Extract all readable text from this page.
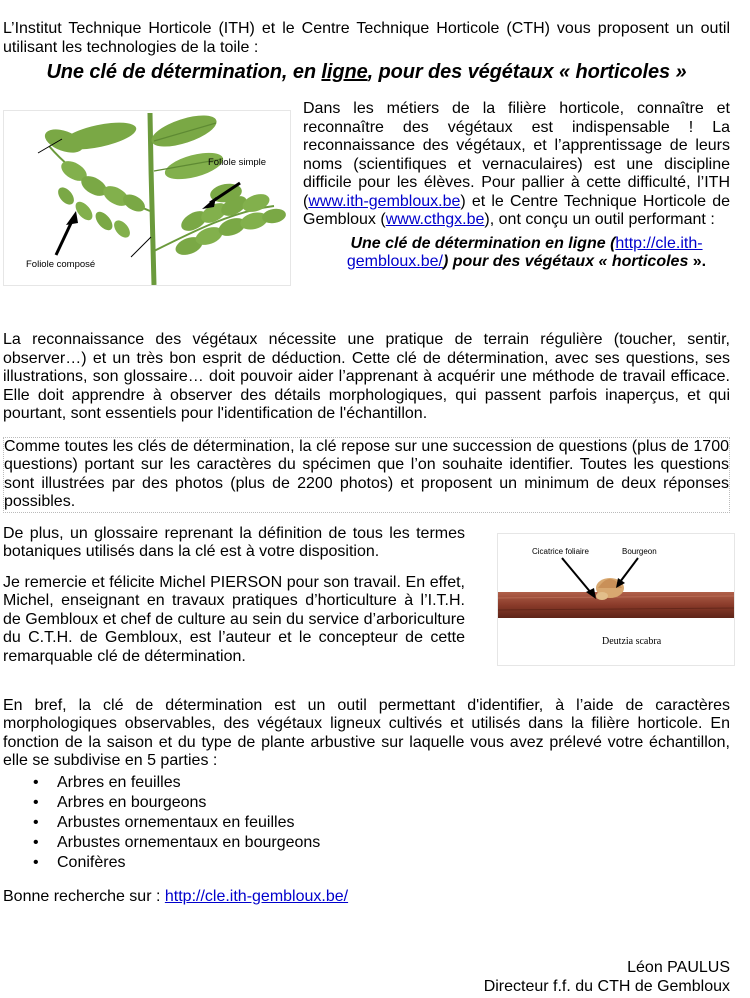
L’Institut Technique Horticole (ITH) et le Centre Technique Horticole (CTH) vous proposent un outil utilisant les technologies de la toile :

Une clé de détermination, en ligne, pour des végétaux « horticoles »

Foliole simple
Foliole composé

Dans les métiers de la filière horticole, connaître et reconnaître des végétaux est indispensable ! La reconnaissance des végétaux, et l’apprentissage de leurs noms (scientifiques et vernaculaires) est une discipline difficile pour les élèves. Pour pallier à cette difficulté, l’ITH (www.ith-gembloux.be) et le Centre Technique Horticole de Gembloux (www.cthgx.be), ont conçu un outil performant :

Une clé de détermination en ligne (http://cle.ith-gembloux.be/) pour des végétaux « horticoles ».

La reconnaissance des végétaux nécessite une pratique de terrain régulière (toucher, sentir, observer…) et un très bon esprit de déduction. Cette clé de détermination, avec ses questions, ses illustrations, son glossaire… doit pouvoir aider l’apprenant à acquérir une méthode de travail efficace. Elle doit apprendre à observer des détails morphologiques, qui passent parfois inaperçus, et qui pourtant, sont essentiels pour l'identification de l'échantillon.

Comme toutes les clés de détermination, la clé repose sur une succession de questions (plus de 1700 questions) portant sur les caractères du spécimen que l’on souhaite identifier. Toutes les questions sont illustrées par des photos (plus de 2200 photos) et proposent un minimum de deux réponses possibles.

De plus, un glossaire reprenant la définition de tous les termes botaniques utilisés dans la clé est à votre disposition.

Je remercie et félicite Michel PIERSON pour son travail. En effet, Michel, enseignant en travaux pratiques d’horticulture à l’I.T.H. de Gembloux et chef de culture au sein du service d’arboriculture du C.T.H. de Gembloux, est l’auteur et le concepteur de cette remarquable clé de détermination.

Cicatrice foliaire	Bourgeon
Deutzia scabra

En bref, la clé de détermination est un outil permettant d'identifier, à l’aide de caractères morphologiques observables, des végétaux ligneux cultivés et utilisés dans la filière horticole. En fonction de la saison et du type de plante arbustive sur laquelle vous avez prélevé votre échantillon, elle se subdivise en 5 parties :

• Arbres en feuilles
• Arbres en bourgeons
• Arbustes ornementaux en feuilles
• Arbustes ornementaux en bourgeons
• Conifères

Bonne recherche sur : http://cle.ith-gembloux.be/

Léon PAULUS
Directeur f.f. du CTH de Gembloux
